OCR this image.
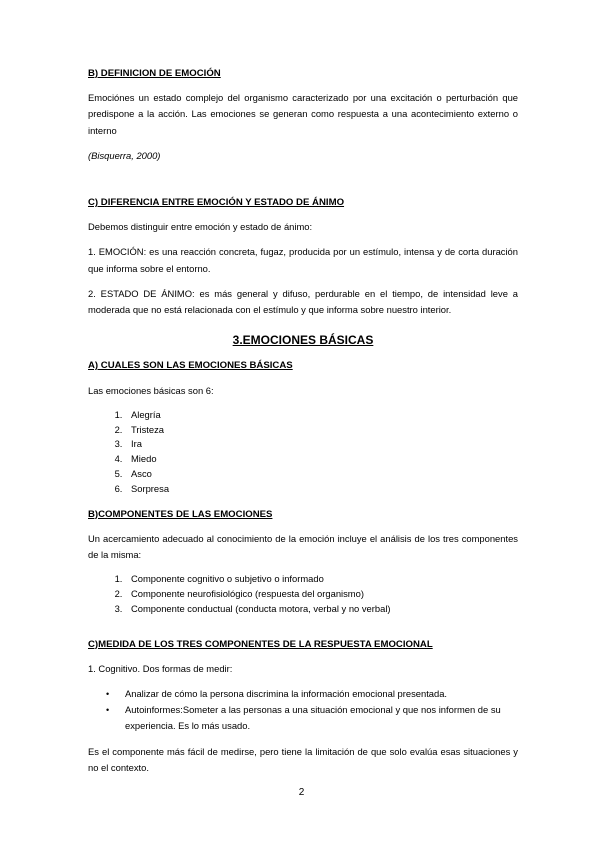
B) DEFINICION DE EMOCIÓN

Emociónes un estado complejo del organismo caracterizado por una excitación o perturbación que predispone a la acción. Las emociones se generan como respuesta a una acontecimiento externo o interno

(Bisquerra, 2000)

C) DIFERENCIA ENTRE EMOCIÓN Y ESTADO DE ÁNIMO

Debemos distinguir entre emoción y estado de ánimo:

1. EMOCIÓN: es una reacción concreta, fugaz, producida por un estímulo, intensa y de corta duración que informa sobre el entorno.

2. ESTADO DE ÁNIMO: es más general y difuso, perdurable en el tiempo, de intensidad leve a moderada que no está relacionada con el estímulo y que informa sobre nuestro interior.

3.EMOCIONES BÁSICAS
A) CUALES SON LAS EMOCIONES BÁSICAS

Las emociones básicas son 6:

1. Alegría
2. Tristeza
3. Ira
4. Miedo
5. Asco
6. Sorpresa
B)COMPONENTES DE LAS EMOCIONES

Un acercamiento adecuado al conocimiento de la emoción incluye el análisis de los tres componentes de la misma:

1. Componente cognitivo o subjetivo o informado
2. Componente neurofisiológico (respuesta del organismo)
3. Componente conductual (conducta motora, verbal y no verbal)
C)MEDIDA DE LOS TRES COMPONENTES DE LA RESPUESTA EMOCIONAL

1. Cognitivo. Dos formas de medir:

• Analizar de cómo la persona discrimina la información emocional presentada.
• Autoinformes:Someter a las personas a una situación emocional y que nos informen de su experiencia. Es lo más usado.

Es el componente más fácil de medirse, pero tiene la limitación de que solo evalúa esas situaciones y no el contexto.

2
